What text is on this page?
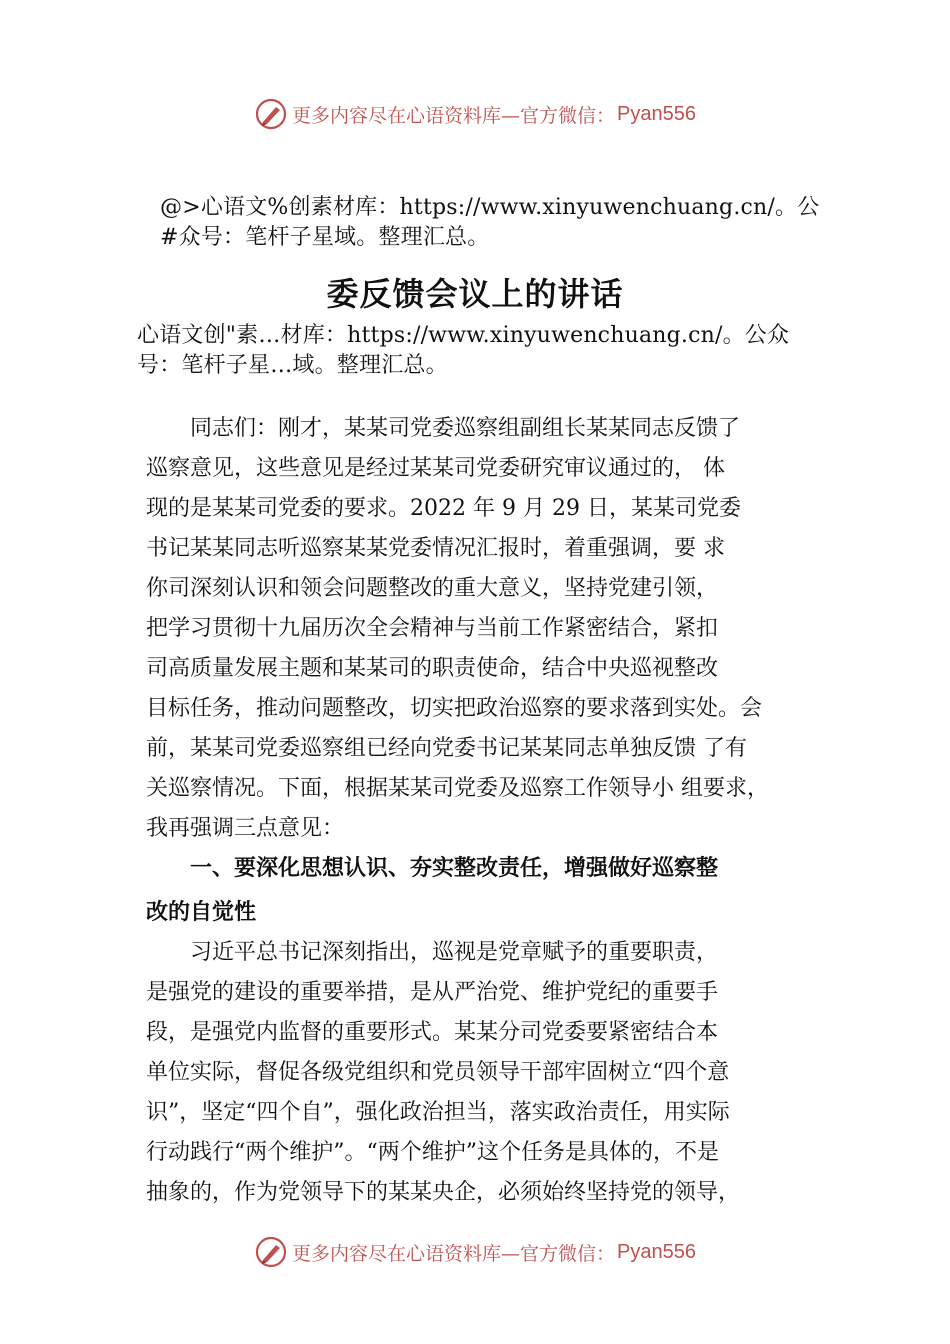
更多内容尽在心语资料库—官方微信： Pyan556
@>心语文%创素材库：https://www.xinyuwenchuang.cn/。公
#众号：笔杆子星域。整理汇总。
委反馈会议上的讲话
心语文创"素…材库：https://www.xinyuwenchuang.cn/。公众
号：笔杆子星…域。整理汇总。
　　同志们：刚才，某某司党委巡察组副组长某某同志反馈了
巡察意见，这些意见是经过某某司党委研究审议通过的， 体
现的是某某司党委的要求。2022 年 9 月 29 日，某某司党委
书记某某同志听巡察某某党委情况汇报时，着重强调，要 求
你司深刻认识和领会问题整改的重大意义，坚持党建引领，
把学习贯彻十九届历次全会精神与当前工作紧密结合，紧扣
司高质量发展主题和某某司的职责使命，结合中央巡视整改
目标任务，推动问题整改，切实把政治巡察的要求落到实处。会
前，某某司党委巡察组已经向党委书记某某同志单独反馈 了有
关巡察情况。下面，根据某某司党委及巡察工作领导小 组要求，
我再强调三点意见：
　　一、要深化思想认识、夯实整改责任，增强做好巡察整
改的自觉性
　　习近平总书记深刻指出，巡视是党章赋予的重要职责，
是强党的建设的重要举措，是从严治党、维护党纪的重要手
段，是强党内监督的重要形式。某某分司党委要紧密结合本
单位实际，督促各级党组织和党员领导干部牢固树立“四个意
识”，坚定“四个自”，强化政治担当，落实政治责任，用实际
行动践行“两个维护”。“两个维护”这个任务是具体的，不是
抽象的，作为党领导下的某某央企，必须始终坚持党的领导，
更多内容尽在心语资料库—官方微信： Pyan556
